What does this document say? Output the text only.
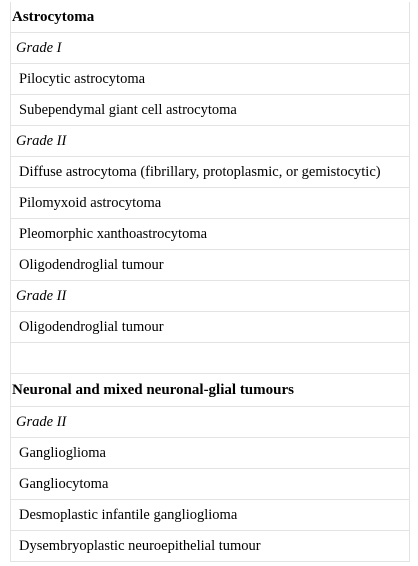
Astrocytoma
Grade I
Pilocytic astrocytoma
Subependymal giant cell astrocytoma
Grade II
Diffuse astrocytoma (fibrillary, protoplasmic, or gemistocytic)
Pilomyxoid astrocytoma
Pleomorphic xanthoastrocytoma
Oligodendroglial tumour
Grade II
Oligodendroglial tumour
Neuronal and mixed neuronal-glial tumours
Grade II
Ganglioglioma
Gangliocytoma
Desmoplastic infantile ganglioglioma
Dysembryoplastic neuroepithelial tumour
